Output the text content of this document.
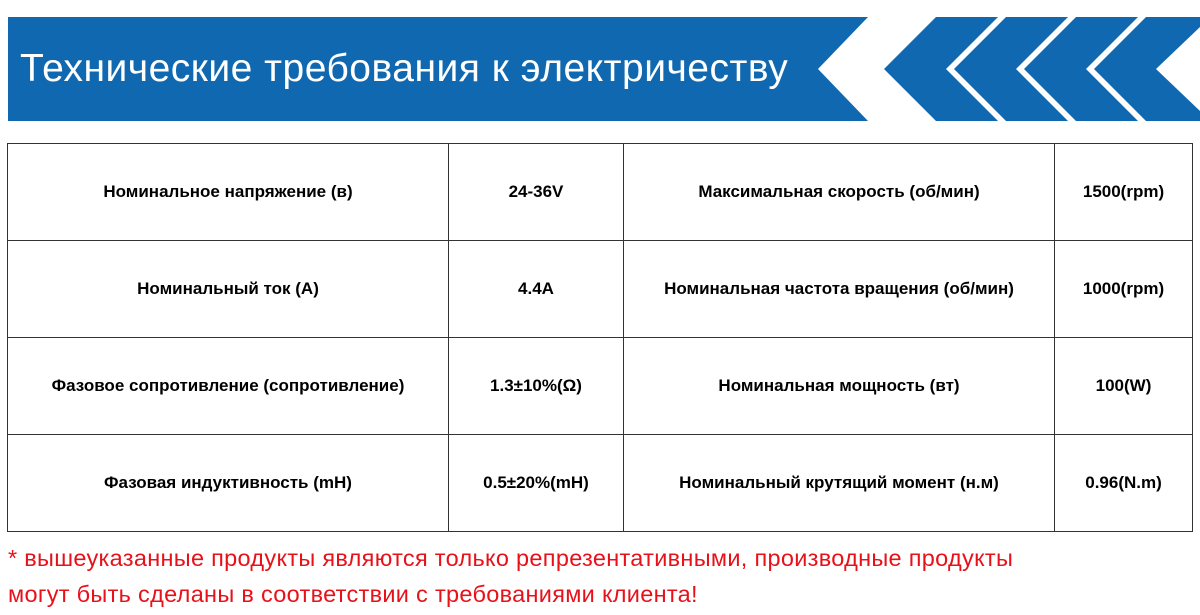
Технические требования к электричеству
Номинальное напряжение (в)	24-36V	Максимальная скорость (об/мин)	1500(rpm)
Номинальный ток (A)	4.4A	Номинальная частота вращения (об/мин)	1000(rpm)
Фазовое сопротивление (сопротивление)	1.3±10%(Ω)	Номинальная мощность (вт)	100(W)
Фазовая индуктивность (mH)	0.5±20%(mH)	Номинальный крутящий момент (н.м)	0.96(N.m)

* вышеуказанные продукты являются только репрезентативными, производные продукты

могут быть сделаны в соответствии с требованиями клиента!
